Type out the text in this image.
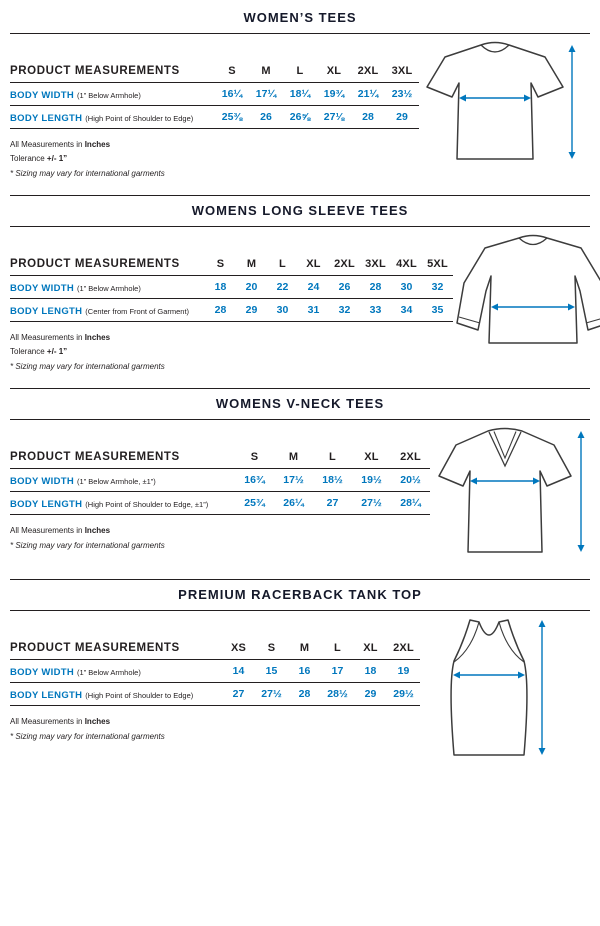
WOMEN’S TEES
PRODUCT MEASUREMENTS	S	M	L	XL	2XL	3XL
BODY WIDTH (1” Below Armhole)	16¼	17¼	18¼	19¾	21¼	23½
BODY LENGTH (High Point of Shoulder to Edge)	25⅜	26	26⅝	27⅛	28	29
All Measurements in Inches
Tolerance +/- 1”
* Sizing may vary for international garments
WOMENS LONG SLEEVE TEES
PRODUCT MEASUREMENTS	S	M	L	XL	2XL 3XL 4XL 5XL
BODY WIDTH (1” Below Armhole)	18	20	22	24	26	28	30	32
BODY LENGTH (Center from Front of Garment)	28	29	30	31	32	33	34	35
All Measurements in Inches
Tolerance +/- 1”
* Sizing may vary for international garments
WOMENS V-NECK TEES
PRODUCT MEASUREMENTS	S	M	L	XL	2XL
BODY WIDTH (1” Below Armhole, ±1”)	16¾	17½	18½	19½	20½
BODY LENGTH (High Point of Shoulder to Edge, ±1”)	25¾	26¼	27	27½	28¼
All Measurements in Inches
* Sizing may vary for international garments
PREMIUM RACERBACK TANK TOP
PRODUCT MEASUREMENTS	XS	S	M	L	XL	2XL
BODY WIDTH (1” Below Armhole)	14	15	16	17	18	19
BODY LENGTH (High Point of Shoulder to Edge)	27	27½	28	28½	29	29½
All Measurements in Inches
* Sizing may vary for international garments
